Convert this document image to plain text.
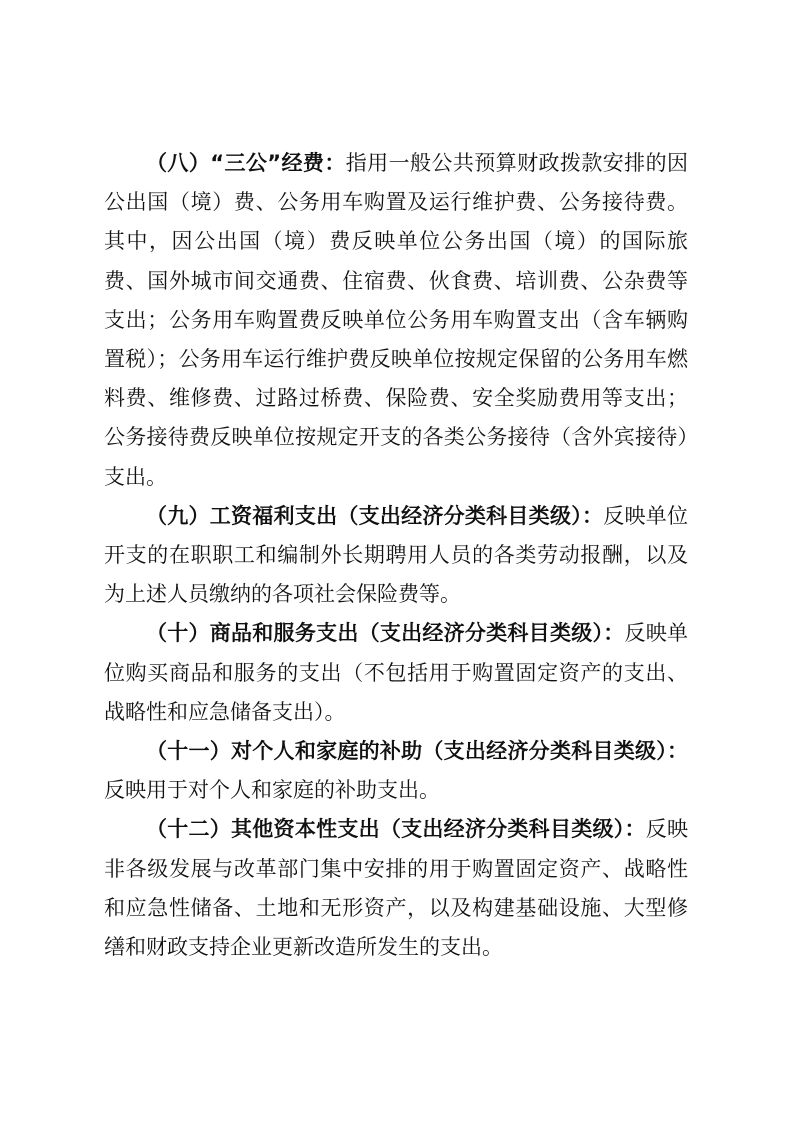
（八）“三公”经费：指用一般公共预算财政拨款安排的因公出国（境）费、公务用车购置及运行维护费、公务接待费。其中，因公出国（境）费反映单位公务出国（境）的国际旅费、国外城市间交通费、住宿费、伙食费、培训费、公杂费等支出；公务用车购置费反映单位公务用车购置支出（含车辆购置税）；公务用车运行维护费反映单位按规定保留的公务用车燃料费、维修费、过路过桥费、保险费、安全奖励费用等支出；公务接待费反映单位按规定开支的各类公务接待（含外宾接待）支出。

（九）工资福利支出（支出经济分类科目类级）：反映单位开支的在职职工和编制外长期聘用人员的各类劳动报酬，以及为上述人员缴纳的各项社会保险费等。

（十）商品和服务支出（支出经济分类科目类级）：反映单位购买商品和服务的支出（不包括用于购置固定资产的支出、战略性和应急储备支出）。

（十一）对个人和家庭的补助（支出经济分类科目类级）：反映用于对个人和家庭的补助支出。

（十二）其他资本性支出（支出经济分类科目类级）：反映非各级发展与改革部门集中安排的用于购置固定资产、战略性和应急性储备、土地和无形资产，以及构建基础设施、大型修缮和财政支持企业更新改造所发生的支出。
